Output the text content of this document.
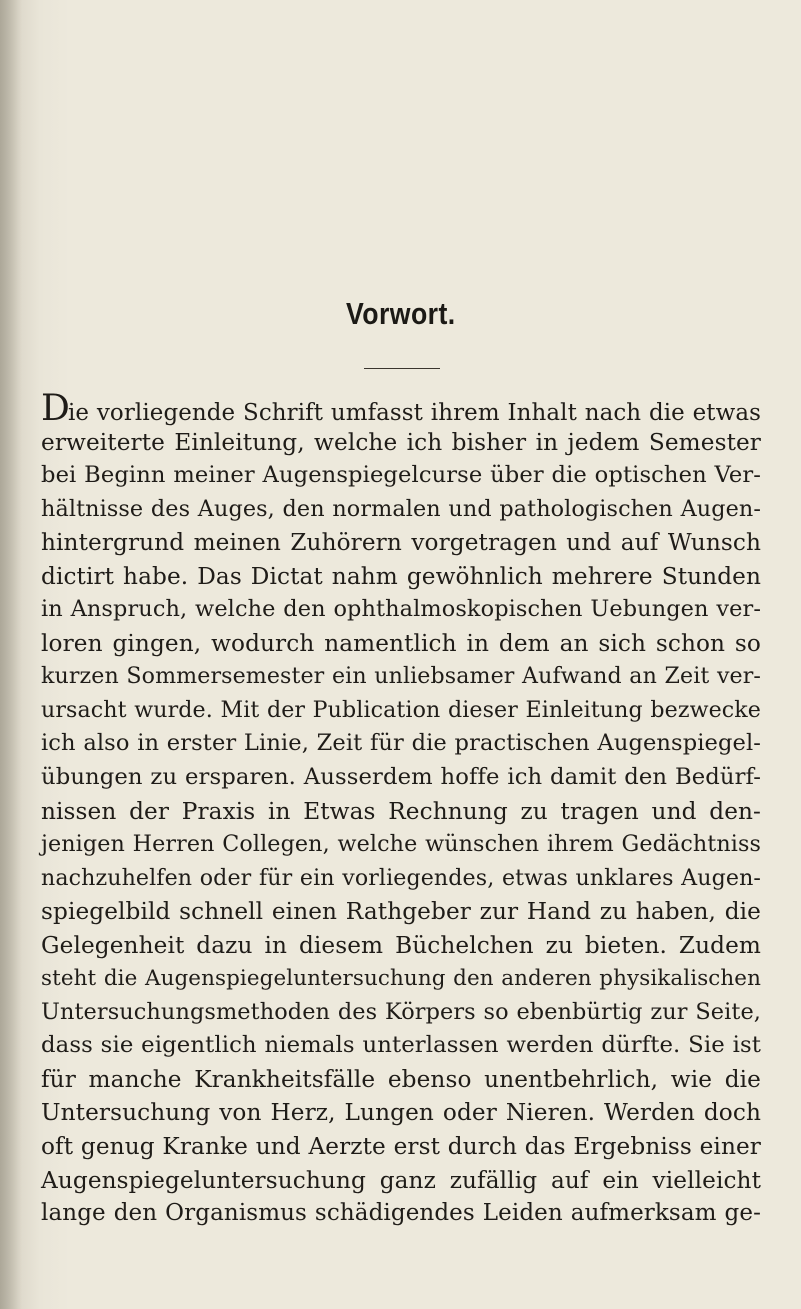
Vorwort.
Die vorliegende Schrift umfasst ihrem Inhalt nach die etwas
erweiterte Einleitung, welche ich bisher in jedem Semester
bei Beginn meiner Augenspiegelcurse über die optischen Ver-
hältnisse des Auges, den normalen und pathologischen Augen-
hintergrund meinen Zuhörern vorgetragen und auf Wunsch
dictirt habe. Das Dictat nahm gewöhnlich mehrere Stunden
in Anspruch, welche den ophthalmoskopischen Uebungen ver-
loren gingen, wodurch namentlich in dem an sich schon so
kurzen Sommersemester ein unliebsamer Aufwand an Zeit ver-
ursacht wurde. Mit der Publication dieser Einleitung bezwecke
ich also in erster Linie, Zeit für die practischen Augenspiegel-
übungen zu ersparen. Ausserdem hoffe ich damit den Bedürf-
nissen der Praxis in Etwas Rechnung zu tragen und den-
jenigen Herren Collegen, welche wünschen ihrem Gedächtniss
nachzuhelfen oder für ein vorliegendes, etwas unklares Augen-
spiegelbild schnell einen Rathgeber zur Hand zu haben, die
Gelegenheit dazu in diesem Büchelchen zu bieten. Zudem
steht die Augenspiegeluntersuchung den anderen physikalischen
Untersuchungsmethoden des Körpers so ebenbürtig zur Seite,
dass sie eigentlich niemals unterlassen werden dürfte. Sie ist
für manche Krankheitsfälle ebenso unentbehrlich, wie die
Untersuchung von Herz, Lungen oder Nieren. Werden doch
oft genug Kranke und Aerzte erst durch das Ergebniss einer
Augenspiegeluntersuchung ganz zufällig auf ein vielleicht
lange den Organismus schädigendes Leiden aufmerksam ge-
